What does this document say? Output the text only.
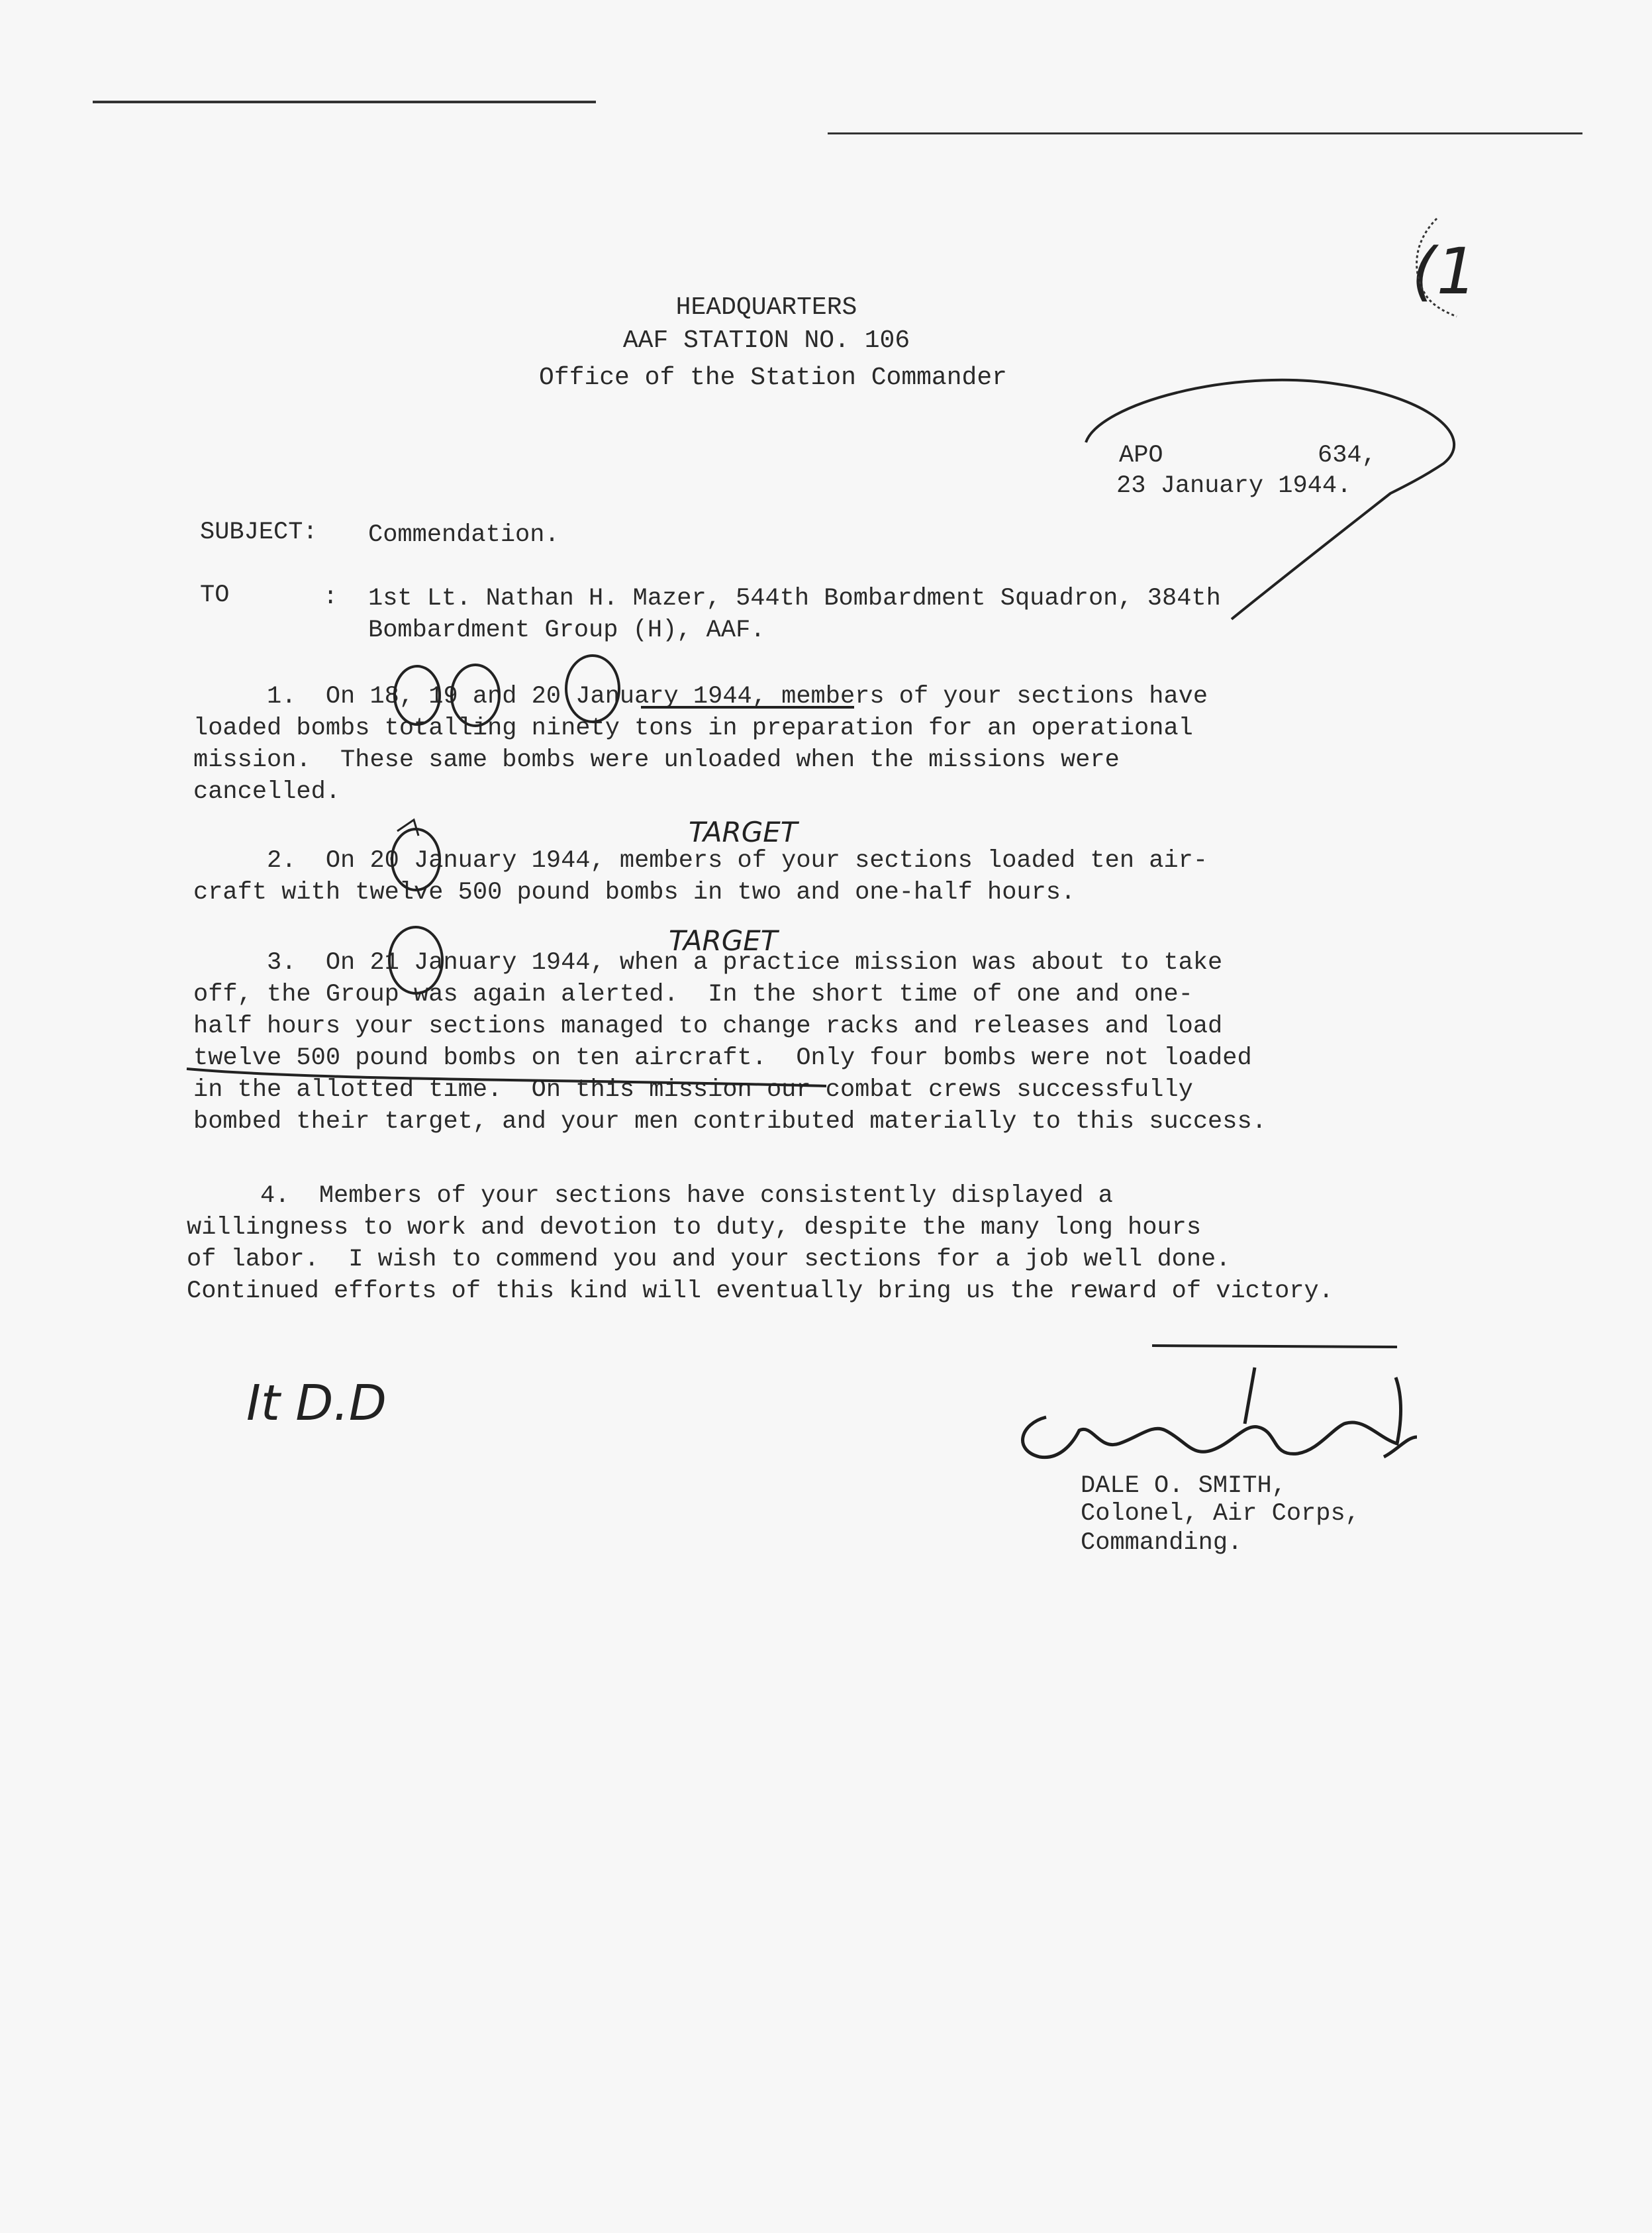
HEADQUARTERS
AAF STATION NO. 106
Office of the Station Commander
APO	634,
23 January 1944.
SUBJECT: Commendation.
TO	: 1st Lt. Nathan H. Mazer, 544th Bombardment Squadron, 384th
Bombardment Group (H), AAF.
1.  On 18, 19 and 20 January 1944, members of your sections have
loaded bombs totalling ninety tons in preparation for an operational
mission.  These same bombs were unloaded when the missions were
cancelled.
2.  On 20 January 1944, members of your sections loaded ten air-
craft with twelve 500 pound bombs in two and one-half hours.
3.  On 21 January 1944, when a practice mission was about to take
off, the Group was again alerted.  In the short time of one and one-
half hours your sections managed to change racks and releases and load
twelve 500 pound bombs on ten aircraft.  Only four bombs were not loaded
in the allotted time.  On this mission our combat crews successfully
bombed their target, and your men contributed materially to this success.
4.  Members of your sections have consistently displayed a
willingness to work and devotion to duty, despite the many long hours
of labor.  I wish to commend you and your sections for a job well done.
Continued efforts of this kind will eventually bring us the reward of victory.
DALE O. SMITH,
Colonel, Air Corps,
Commanding.
TARGET
TARGET
It D.D
(1
